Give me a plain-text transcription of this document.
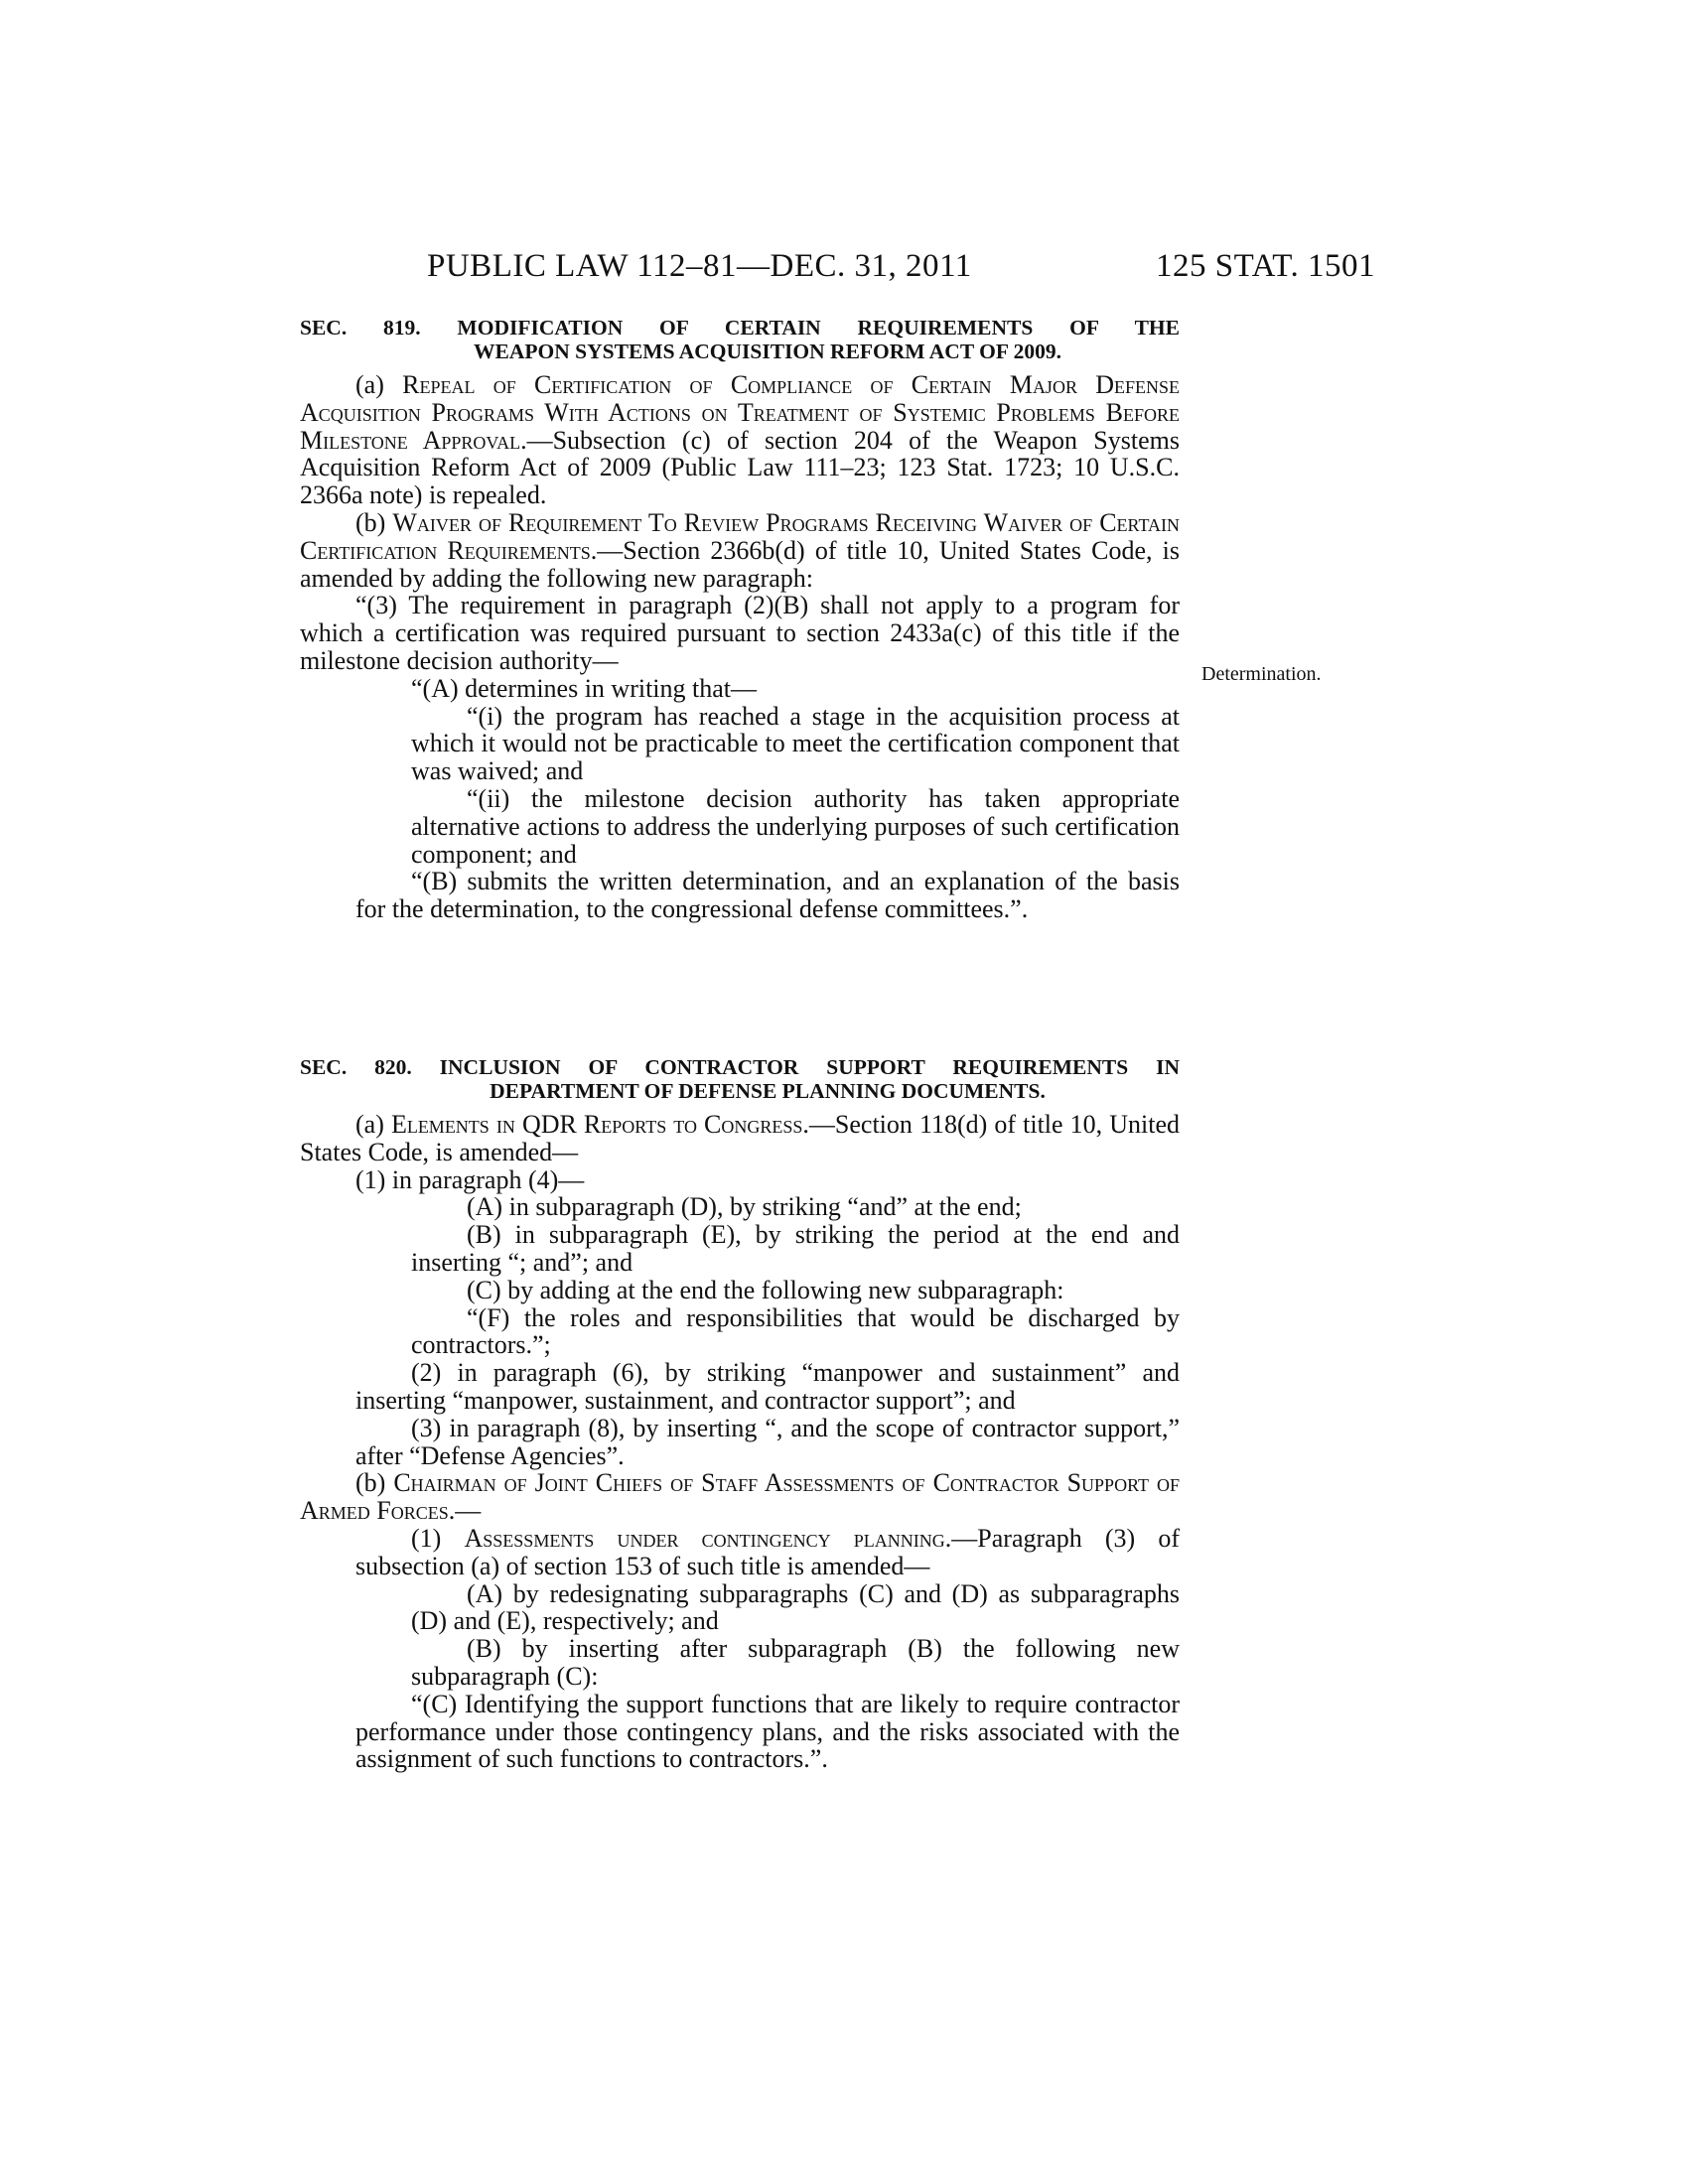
PUBLIC LAW 112–81—DEC. 31, 2011	125 STAT. 1501
Determination.
SEC. 819. MODIFICATION OF CERTAIN REQUIREMENTS OF THE
WEAPON SYSTEMS ACQUISITION REFORM ACT OF 2009.

(a) Repeal of Certification of Compliance of Certain Major Defense Acquisition Programs With Actions on Treatment of Systemic Problems Before Milestone Approval.—Subsection (c) of section 204 of the Weapon Systems Acquisition Reform Act of 2009 (Public Law 111–23; 123 Stat. 1723; 10 U.S.C. 2366a note) is repealed.

(b) Waiver of Requirement To Review Programs Receiving Waiver of Certain Certification Requirements.—Section 2366b(d) of title 10, United States Code, is amended by adding the following new paragraph:

“(3) The requirement in paragraph (2)(B) shall not apply to a program for which a certification was required pursuant to section 2433a(c) of this title if the milestone decision authority—

“(A) determines in writing that—

“(i) the program has reached a stage in the acquisition process at which it would not be practicable to meet the certification component that was waived; and

“(ii) the milestone decision authority has taken appropriate alternative actions to address the underlying purposes of such certification component; and

“(B) submits the written determination, and an explanation of the basis for the determination, to the congressional defense committees.”.

SEC. 820. INCLUSION OF CONTRACTOR SUPPORT REQUIREMENTS IN
DEPARTMENT OF DEFENSE PLANNING DOCUMENTS.

(a) Elements in QDR Reports to Congress.—Section 118(d) of title 10, United States Code, is amended—

(1) in paragraph (4)—

(A) in subparagraph (D), by striking “and” at the end;

(B) in subparagraph (E), by striking the period at the end and inserting “; and”; and

(C) by adding at the end the following new subparagraph:

“(F) the roles and responsibilities that would be discharged by contractors.”;

(2) in paragraph (6), by striking “manpower and sustainment” and inserting “manpower, sustainment, and contractor support”; and

(3) in paragraph (8), by inserting “, and the scope of contractor support,” after “Defense Agencies”.

(b) Chairman of Joint Chiefs of Staff Assessments of Contractor Support of Armed Forces.—

(1) Assessments under contingency planning.—Paragraph (3) of subsection (a) of section 153 of such title is amended—

(A) by redesignating subparagraphs (C) and (D) as subparagraphs (D) and (E), respectively; and

(B) by inserting after subparagraph (B) the following new subparagraph (C):

“(C) Identifying the support functions that are likely to require contractor performance under those contingency plans, and the risks associated with the assignment of such functions to contractors.”.
